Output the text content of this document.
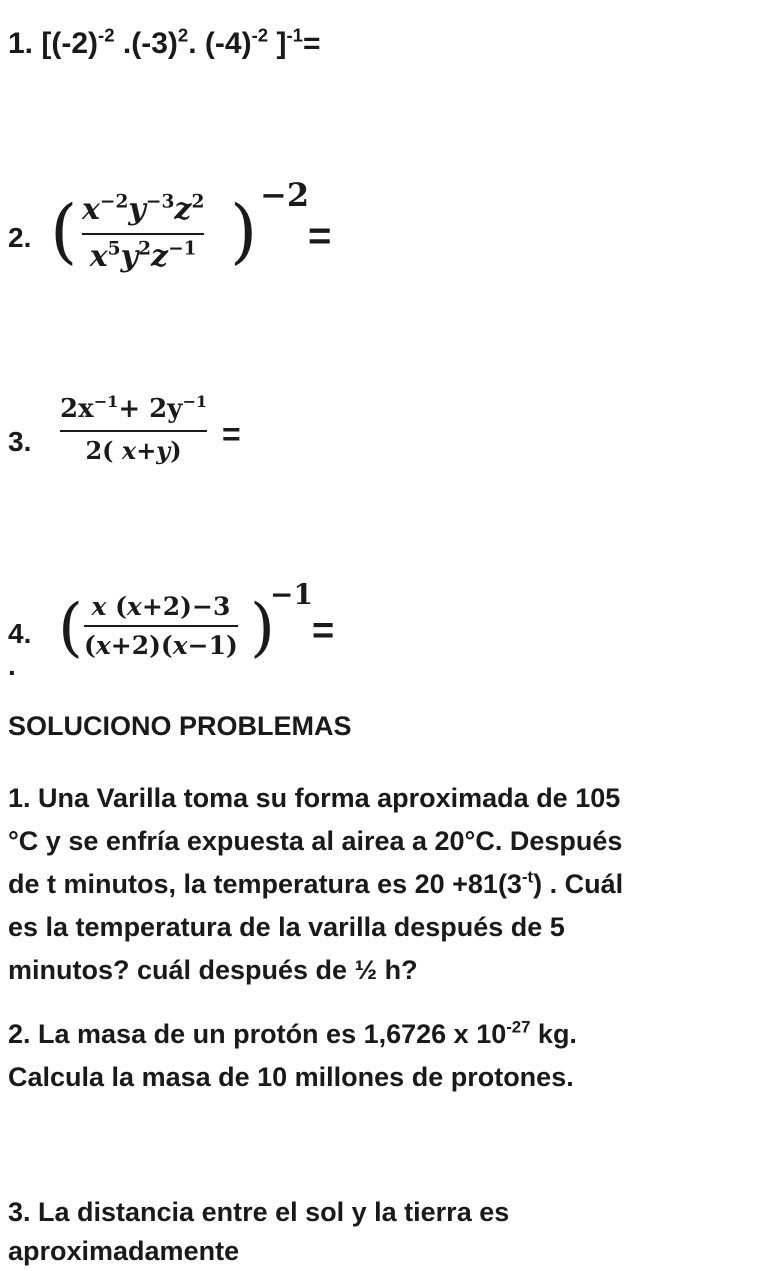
1. [$(-2)^{-2}$ $.(-3)^2$. $(-4)^{-2}$ ]$^{-1}$=
2. ( $x^{-2}y^{-3}z^2$
$x^5y^2z^{-1}$ ) −2
=
3.
$2x^{-1}+ 2y^{-1}$
2( x+y)	=
4. .
( x (x+2)−3
(x+2)(x−1) )
−1
=
SOLUCIONO PROBLEMAS
1. Una Varilla toma su forma aproximada de 105
°C y se enfría expuesta al airea a 20°C. Después
de t minutos, la temperatura es $20 +81(3^{-t})$ . Cuál
es la temperatura de la varilla después de 5
minutos? cuál después de ½ h?
2. La masa de un protón es 1,6726 x $10^{-27}$ kg.
Calcula la masa de 10 millones de protones.
3. La distancia entre el sol y la tierra es
aproximadamente
